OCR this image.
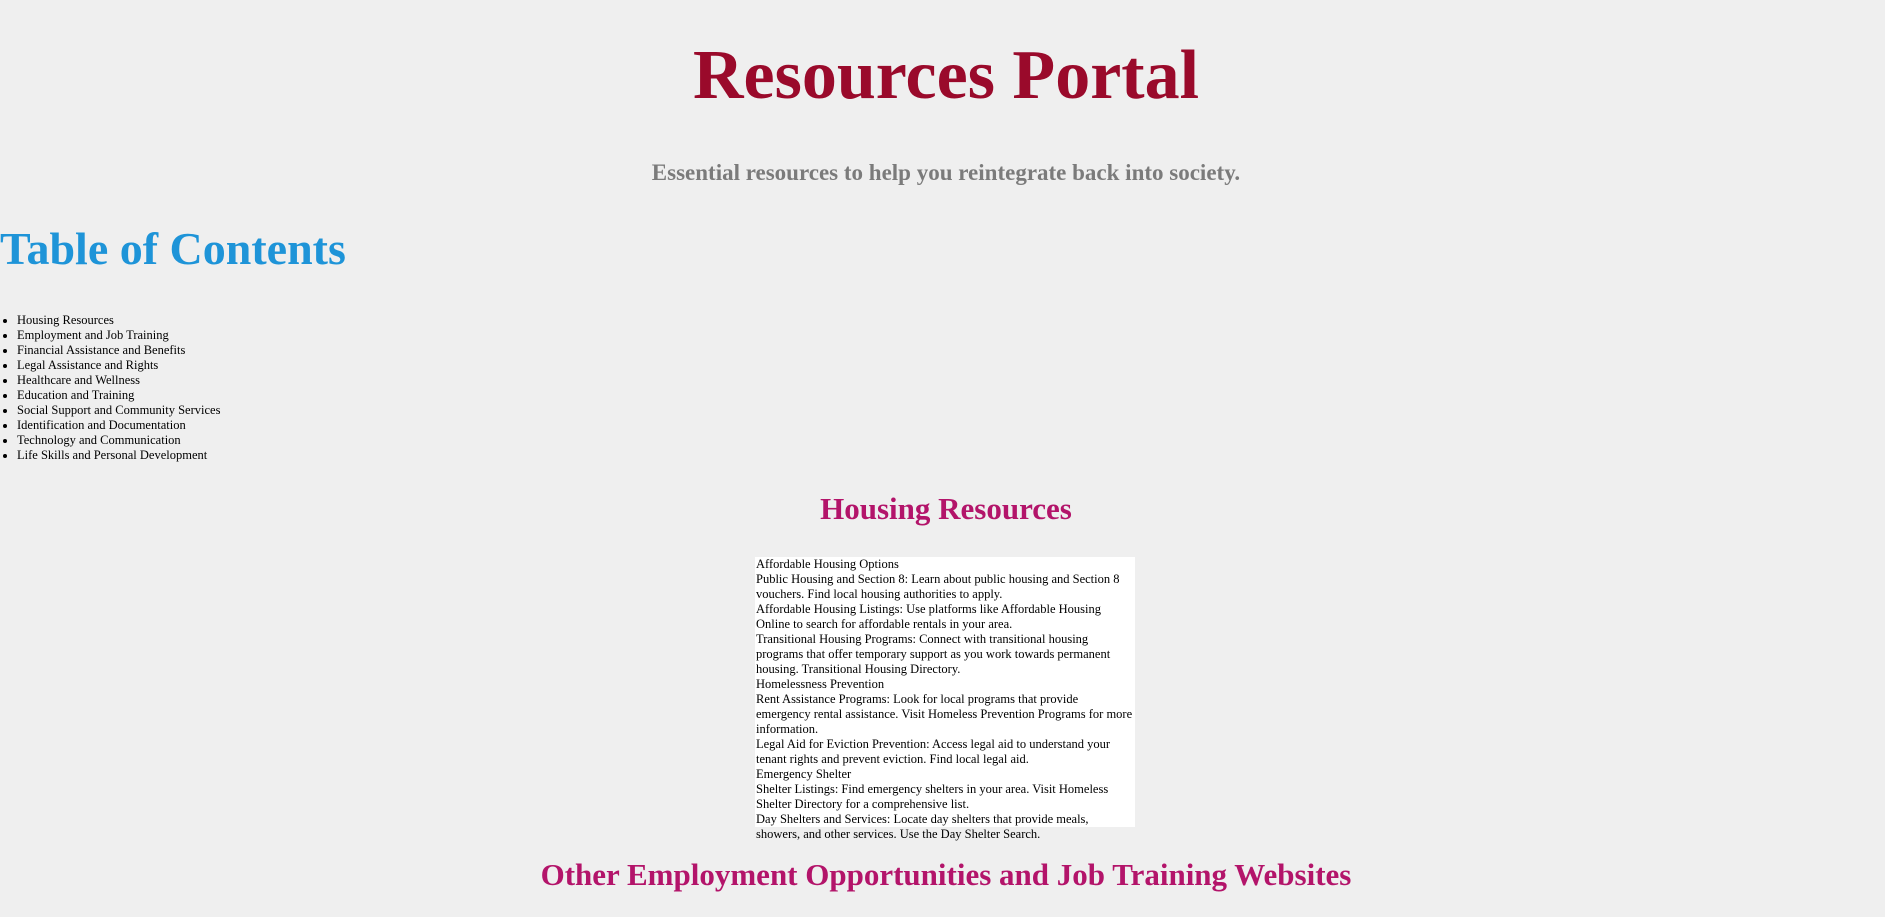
Resources Portal
Essential resources to help you reintegrate back into society.
Table of Contents
• Housing Resources
• Employment and Job Training
• Financial Assistance and Benefits
• Legal Assistance and Rights
• Healthcare and Wellness
• Education and Training
• Social Support and Community Services
• Identification and Documentation
• Technology and Communication
• Life Skills and Personal Development
Housing Resources
Affordable Housing Options
Public Housing and Section 8: Learn about public housing and Section 8 vouchers. Find local housing authorities to apply.
Affordable Housing Listings: Use platforms like Affordable Housing Online to search for affordable rentals in your area.
Transitional Housing Programs: Connect with transitional housing programs that offer temporary support as you work towards permanent housing. Transitional Housing Directory.
Homelessness Prevention
Rent Assistance Programs: Look for local programs that provide emergency rental assistance. Visit Homeless Prevention Programs for more information.
Legal Aid for Eviction Prevention: Access legal aid to understand your tenant rights and prevent eviction. Find local legal aid.
Emergency Shelter
Shelter Listings: Find emergency shelters in your area. Visit Homeless Shelter Directory for a comprehensive list.
Day Shelters and Services: Locate day shelters that provide meals, showers, and other services. Use the Day Shelter Search.
Other Employment Opportunities and Job Training Websites
